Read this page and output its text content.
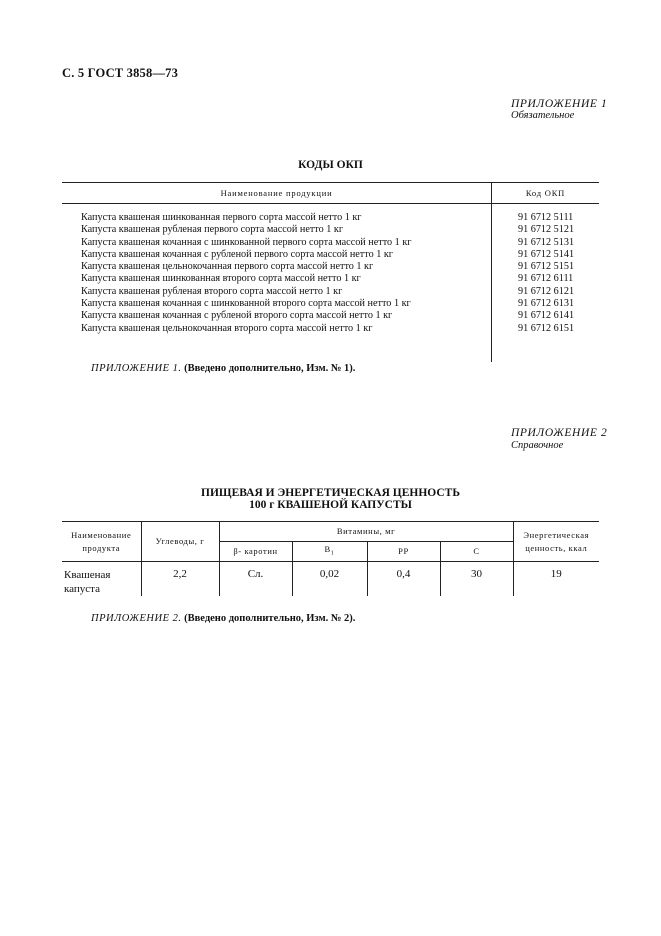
С. 5 ГОСТ 3858—73
ПРИЛОЖЕНИЕ 1
Обязательное
КОДЫ ОКП
Наименование продукции	Код ОКП
Капуста квашеная шинкованная первого сорта массой нетто 1 кг	91 6712 5111
Капуста квашеная рубленая первого сорта массой нетто 1 кг	91 6712 5121
Капуста квашеная кочанная с шинкованной первого сорта массой нетто 1 кг	91 6712 5131
Капуста квашеная кочанная с рубленой первого сорта массой нетто 1 кг	91 6712 5141
Капуста квашеная цельнокочанная первого сорта массой нетто 1 кг	91 6712 5151
Капуста квашеная шинкованная второго сорта массой нетто 1 кг	91 6712 6111
Капуста квашеная рубленая второго сорта массой нетто 1 кг	91 6712 6121
Капуста квашеная кочанная с шинкованной второго сорта массой нетто 1 кг	91 6712 6131
Капуста квашеная кочанная с рубленой второго сорта массой нетто 1 кг	91 6712 6141
Капуста квашеная цельнокочанная второго сорта массой нетто 1 кг	91 6712 6151
ПРИЛОЖЕНИЕ 1. (Введено дополнительно, Изм. № 1).
ПРИЛОЖЕНИЕ 2
Справочное
ПИЩЕВАЯ И ЭНЕРГЕТИЧЕСКАЯ ЦЕННОСТЬ
100 г КВАШЕНОЙ КАПУСТЫ
Наименование продукта	Углеводы, г	Витамины, мг				Энергетическая ценность, ккал
		β- каротин	$B_1$	PP	C	
Квашеная капуста	2,2	Сл.	0,02	0,4	30	19
ПРИЛОЖЕНИЕ 2. (Введено дополнительно, Изм. № 2).
